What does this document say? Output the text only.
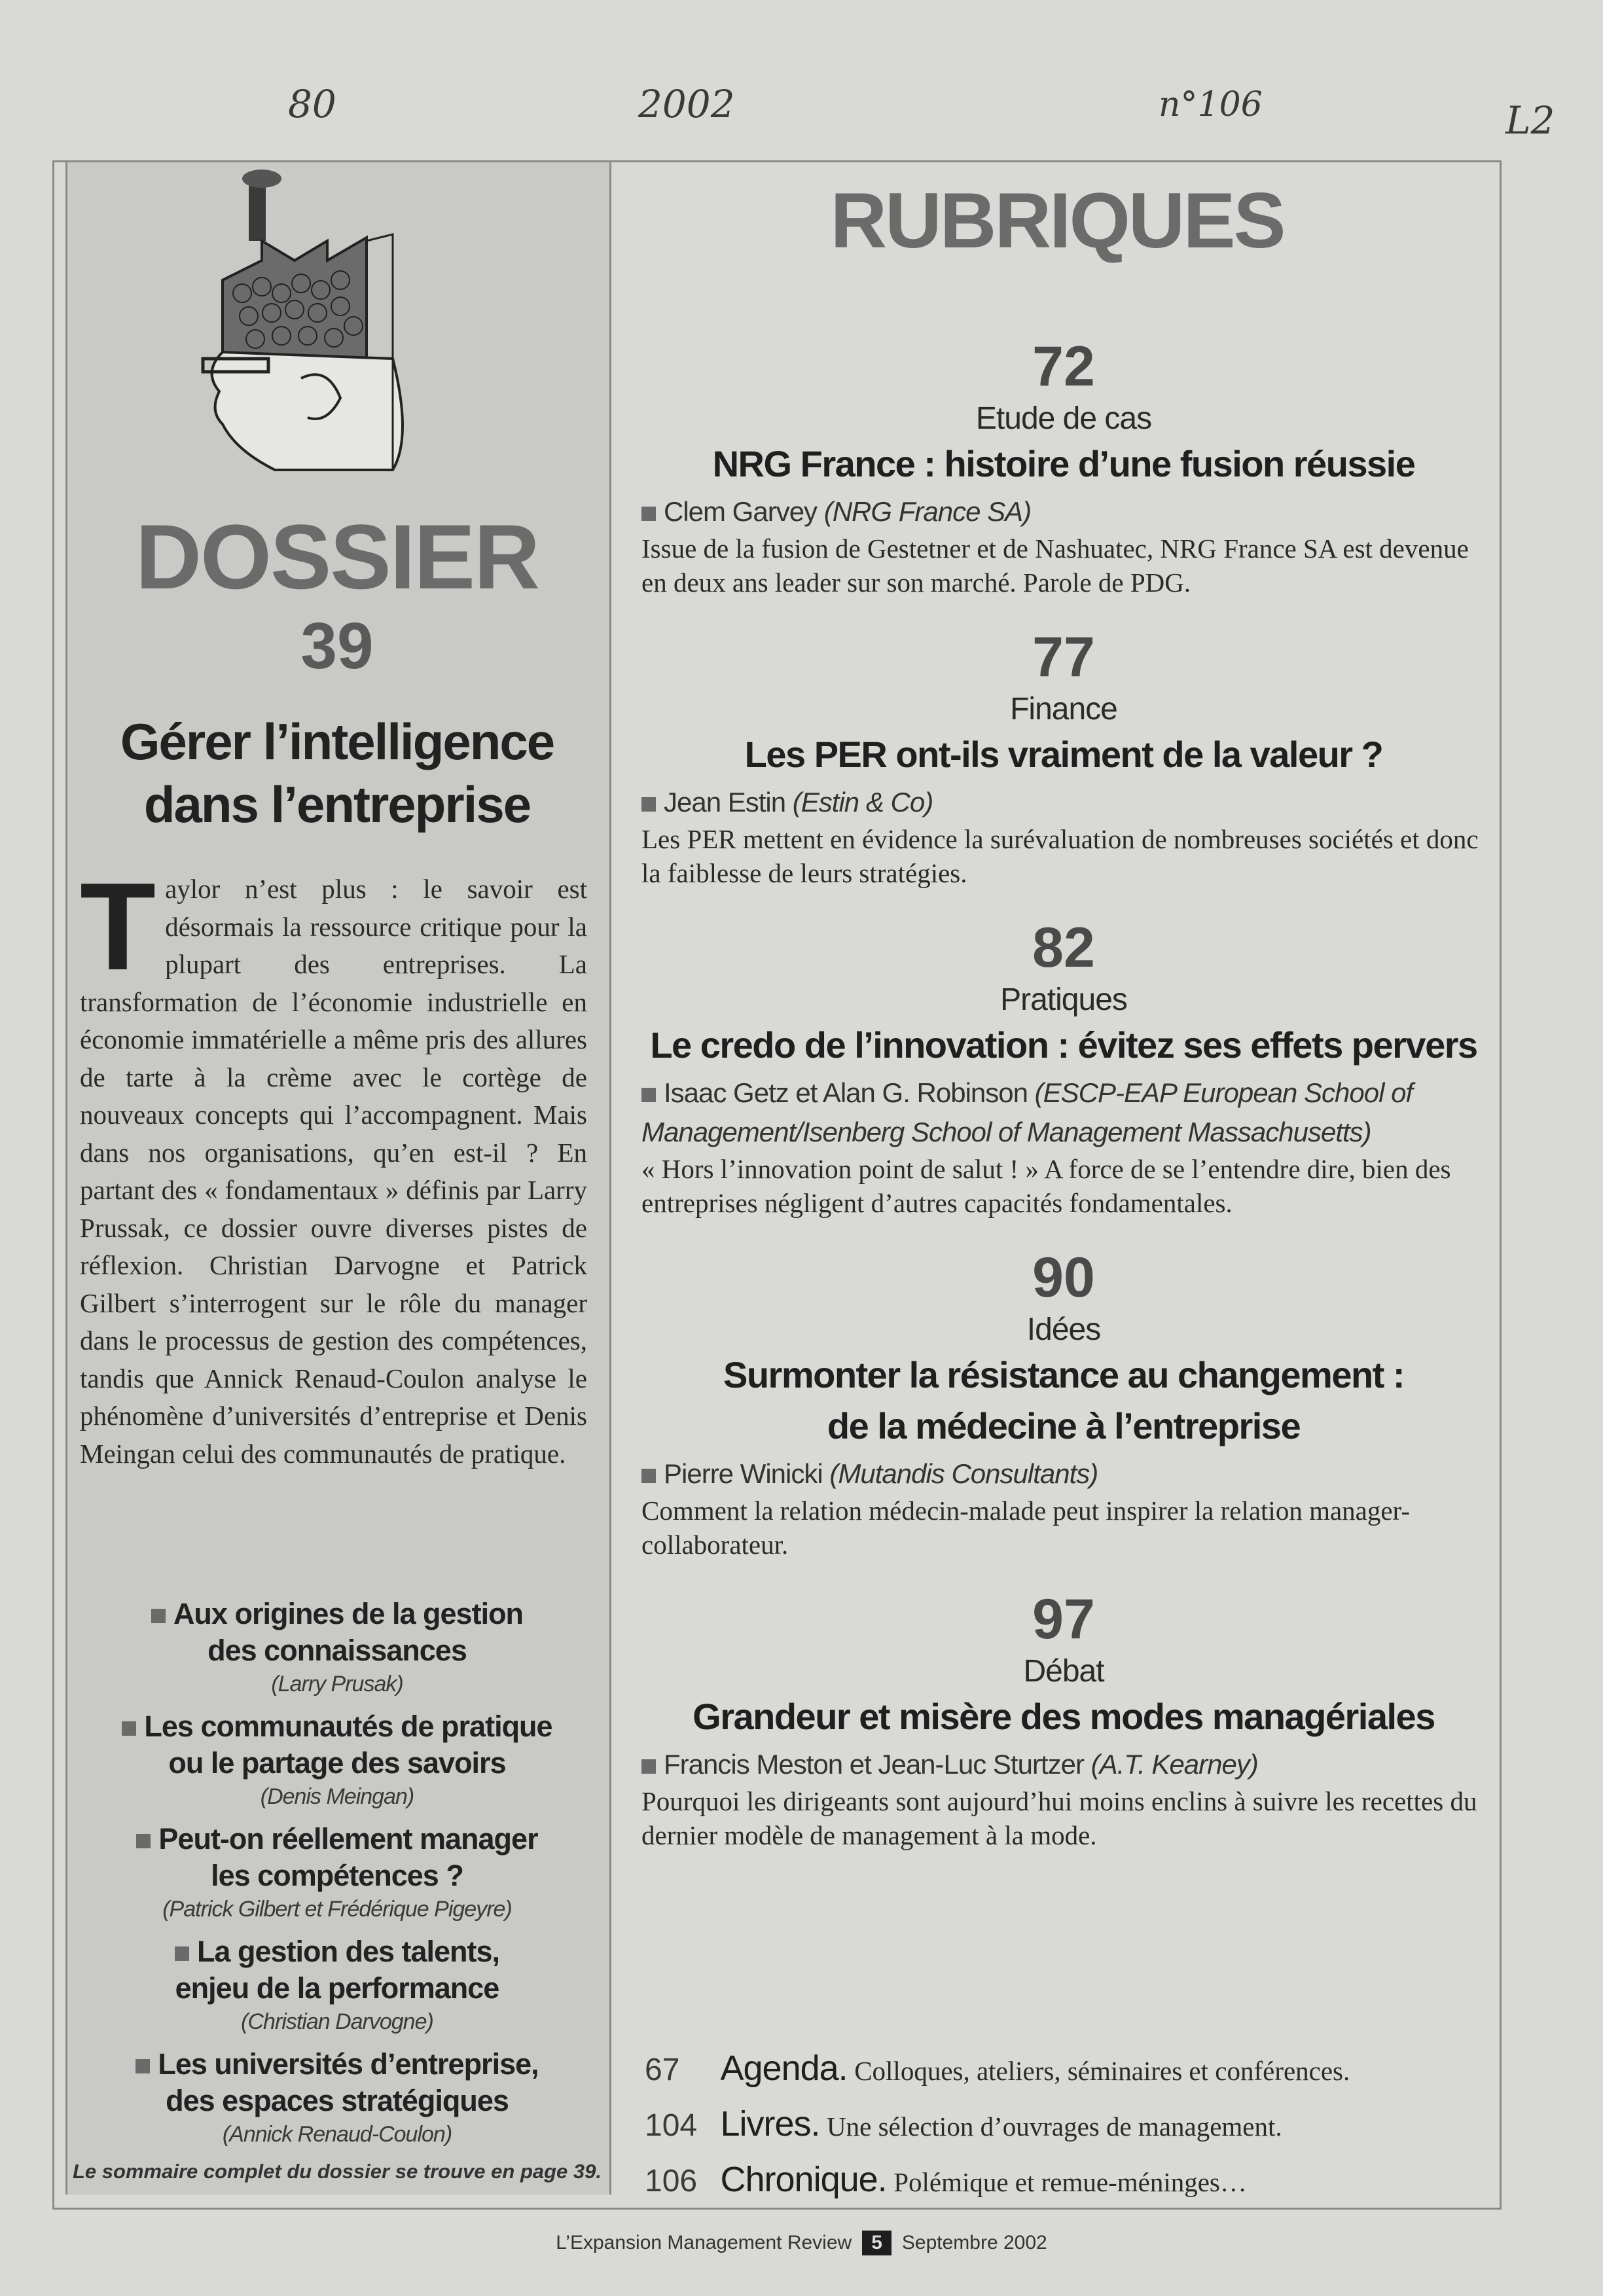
80	2002	n°106	L2
DOSSIER
39
Gérer l’intelligence
dans l’entreprise
Taylor n’est plus : le savoir est désormais la ressource critique pour la plupart des entreprises. La transformation de l’économie industrielle en économie immatérielle a même pris des allures de tarte à la crème avec le cortège de nouveaux concepts qui l’accompagnent. Mais dans nos organisations, qu’en est-il ? En partant des « fondamentaux » définis par Larry Prussak, ce dossier ouvre diverses pistes de réflexion. Christian Darvogne et Patrick Gilbert s’interrogent sur le rôle du manager dans le processus de gestion des compétences, tandis que Annick Renaud-Coulon analyse le phénomène d’universités d’entreprise et Denis Meingan celui des communautés de pratique.
Aux origines de la gestion
des connaissances
(Larry Prusak)
Les communautés de pratique
ou le partage des savoirs
(Denis Meingan)
Peut-on réellement manager
les compétences ?
(Patrick Gilbert et Frédérique Pigeyre)
La gestion des talents,
enjeu de la performance
(Christian Darvogne)
Les universités d’entreprise,
des espaces stratégiques
(Annick Renaud-Coulon)
Le sommaire complet du dossier se trouve en page 39.
RUBRIQUES
72
Etude de cas
NRG France : histoire d’une fusion réussie
Clem Garvey (NRG France SA)
Issue de la fusion de Gestetner et de Nashuatec, NRG France SA est devenue en deux ans leader sur son marché. Parole de PDG.
77
Finance
Les PER ont-ils vraiment de la valeur ?
Jean Estin (Estin & Co)
Les PER mettent en évidence la surévaluation de nombreuses sociétés et donc la faiblesse de leurs stratégies.
82
Pratiques
Le credo de l’innovation : évitez ses effets pervers
Isaac Getz et Alan G. Robinson (ESCP-EAP European School of Management/Isenberg School of Management Massachusetts)
« Hors l’innovation point de salut ! » A force de se l’entendre dire, bien des entreprises négligent d’autres capacités fondamentales.
90
Idées
Surmonter la résistance au changement :
de la médecine à l’entreprise
Pierre Winicki (Mutandis Consultants)
Comment la relation médecin-malade peut inspirer la relation manager-collaborateur.
97
Débat
Grandeur et misère des modes managériales
Francis Meston et Jean-Luc Sturtzer (A.T. Kearney)
Pourquoi les dirigeants sont aujourd’hui moins enclins à suivre les recettes du dernier modèle de management à la mode.
67 Agenda. Colloques, ateliers, séminaires et conférences.
104 Livres. Une sélection d’ouvrages de management.
106 Chronique. Polémique et remue-méninges…
L’Expansion Management Review 5 Septembre 2002
